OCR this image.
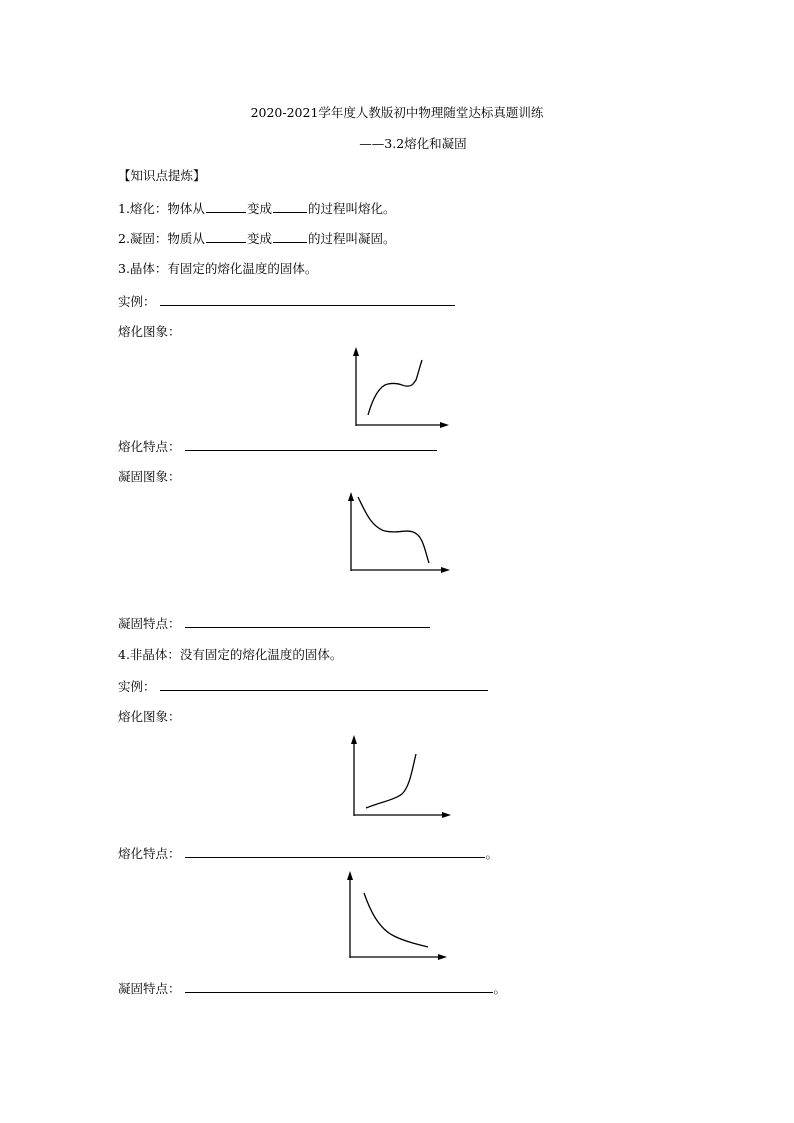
2020-2021学年度人教版初中物理随堂达标真题训练
——3.2熔化和凝固
【知识点提炼】
1.熔化：物体从	变成	的过程叫熔化。
2.凝固：物质从	变成	的过程叫凝固。
3.晶体：有固定的熔化温度的固体。
实例：
熔化图象：
熔化特点：
凝固图象：
凝固特点：
4.非晶体：没有固定的熔化温度的固体。
实例：
熔化图象：
熔化特点：	。
凝固特点：	。
